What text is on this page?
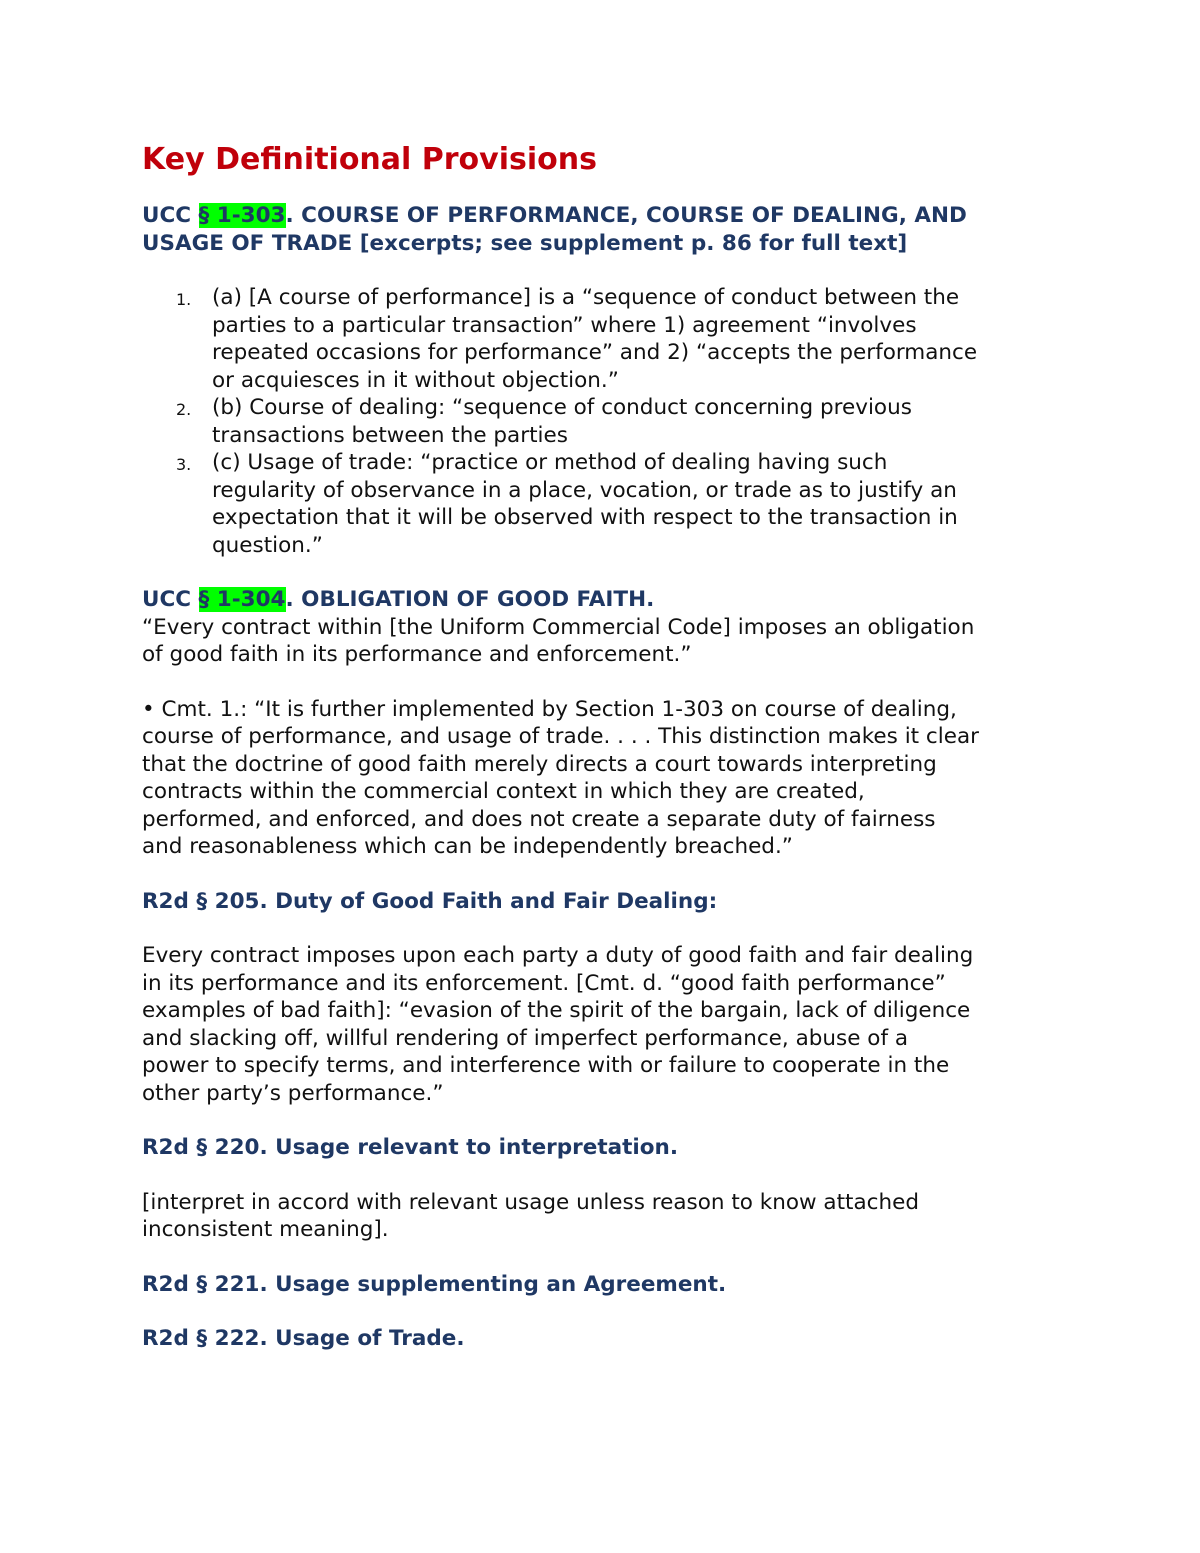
Key Definitional Provisions
UCC § 1-303. COURSE OF PERFORMANCE, COURSE OF DEALING, AND
USAGE OF TRADE [excerpts; see supplement p. 86 for full text]
1. (a) [A course of performance] is a “sequence of conduct between the
parties to a particular transaction” where 1) agreement “involves
repeated occasions for performance” and 2) “accepts the performance
or acquiesces in it without objection.”
2. (b) Course of dealing: “sequence of conduct concerning previous
transactions between the parties
3. (c) Usage of trade: “practice or method of dealing having such
regularity of observance in a place, vocation, or trade as to justify an
expectation that it will be observed with respect to the transaction in
question.”
UCC § 1-304. OBLIGATION OF GOOD FAITH.

“Every contract within [the Uniform Commercial Code] imposes an obligation
of good faith in its performance and enforcement.”

• Cmt. 1.: “It is further implemented by Section 1-303 on course of dealing,
course of performance, and usage of trade. . . . This distinction makes it clear
that the doctrine of good faith merely directs a court towards interpreting
contracts within the commercial context in which they are created,
performed, and enforced, and does not create a separate duty of fairness
and reasonableness which can be independently breached.”

R2d § 205. Duty of Good Faith and Fair Dealing:

Every contract imposes upon each party a duty of good faith and fair dealing
in its performance and its enforcement. [Cmt. d. “good faith performance”
examples of bad faith]: “evasion of the spirit of the bargain, lack of diligence
and slacking off, willful rendering of imperfect performance, abuse of a
power to specify terms, and interference with or failure to cooperate in the
other party’s performance.”

R2d § 220. Usage relevant to interpretation.

[interpret in accord with relevant usage unless reason to know attached
inconsistent meaning].

R2d § 221. Usage supplementing an Agreement.
R2d § 222. Usage of Trade.
